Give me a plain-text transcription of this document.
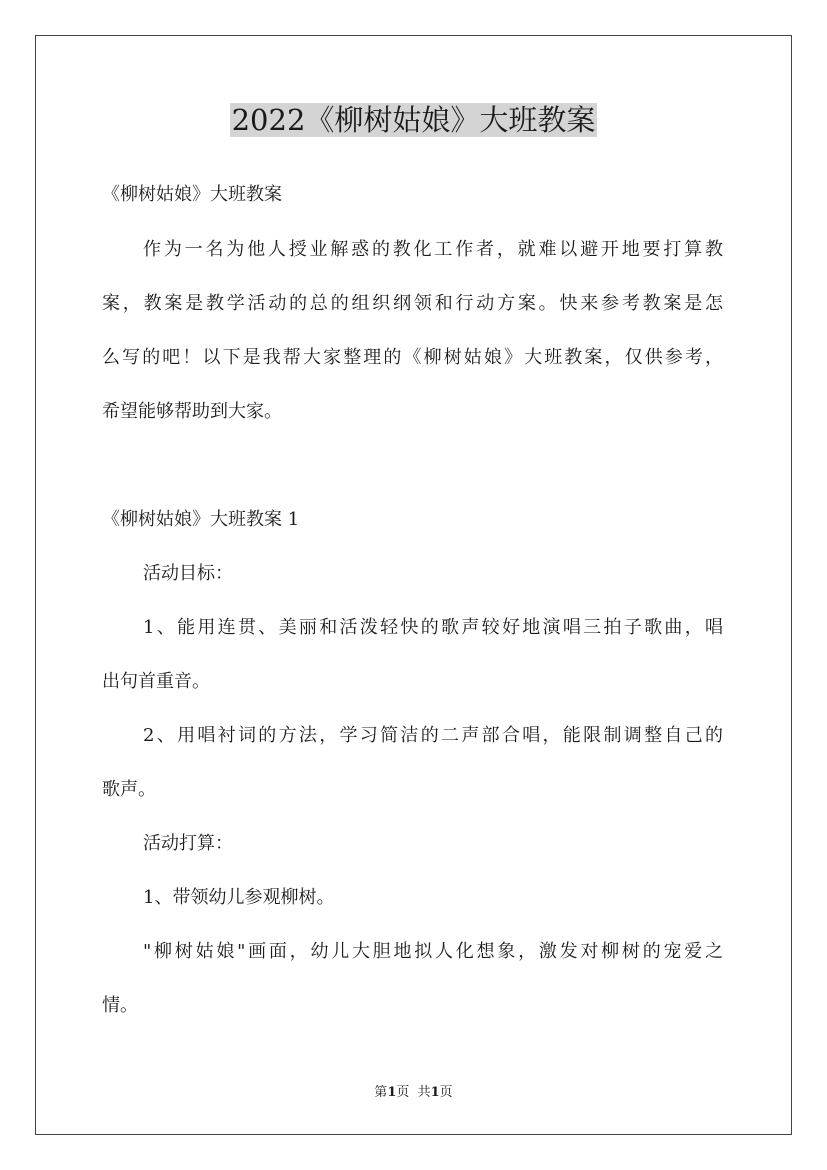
2022《柳树姑娘》大班教案
《柳树姑娘》大班教案
作为一名为他人授业解惑的教化工作者，就难以避开地要打算教
案，教案是教学活动的总的组织纲领和行动方案。快来参考教案是怎
么写的吧！以下是我帮大家整理的《柳树姑娘》大班教案，仅供参考，
希望能够帮助到大家。
《柳树姑娘》大班教案 1
活动目标：
1、能用连贯、美丽和活泼轻快的歌声较好地演唱三拍子歌曲，唱
出句首重音。
2、用唱衬词的方法，学习简洁的二声部合唱，能限制调整自己的
歌声。
活动打算：
1、带领幼儿参观柳树。
"柳树姑娘"画面，幼儿大胆地拟人化想象，激发对柳树的宠爱之
情。
第1页  共1页
